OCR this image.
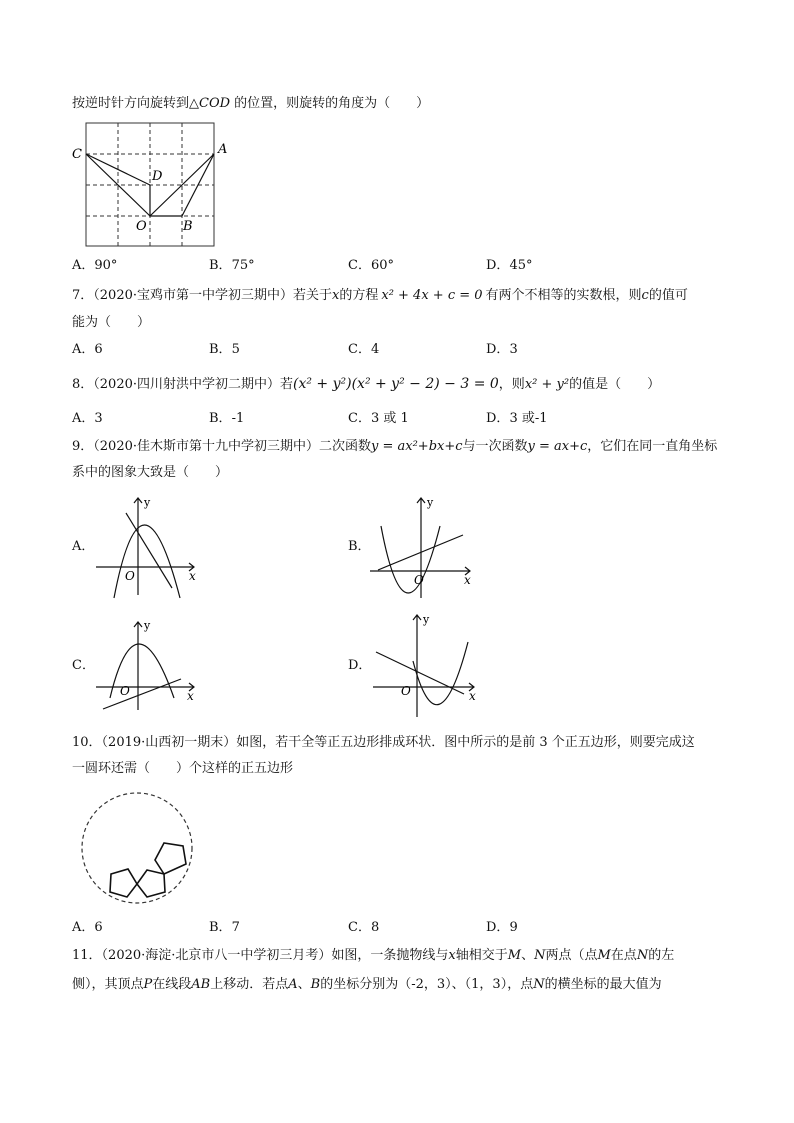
按逆时针方向旋转到△COD 的位置，则旋转的角度为（　　）
C	A
D
O	B
A．90°	B．75°	C．60°	D．45°
7．（2020·宝鸡市第一中学初三期中）若关于x的方程 x² + 4x + c = 0 有两个不相等的实数根，则c的值可
能为（　　）
A．6	B．5	C．4	D．3
8．（2020·四川射洪中学初二期中）若(x² + y²)(x² + y² − 2) − 3 = 0，则x² + y²的值是（　　）
A．3	B．-1	C．3 或 1	D．3 或-1
9．（2020·佳木斯市第十九中学初三期中）二次函数y = ax²+bx+c与一次函数y = ax+c，它们在同一直角坐标
系中的图象大致是（　　）
A．
y
x
O
B．
y
x
O
C．
y
x
O
D．
y
x
O
10．（2019·山西初一期末）如图，若干全等正五边形排成环状．图中所示的是前 3 个正五边形，则要完成这
一圆环还需（　　）个这样的正五边形
A．6	B．7	C．8	D．9
11．（2020·海淀·北京市八一中学初三月考）如图，一条抛物线与x轴相交于M、N两点（点M在点N的左
侧），其顶点P在线段AB上移动．若点A、B的坐标分别为（-2，3）、（1，3），点N的横坐标的最大值为
